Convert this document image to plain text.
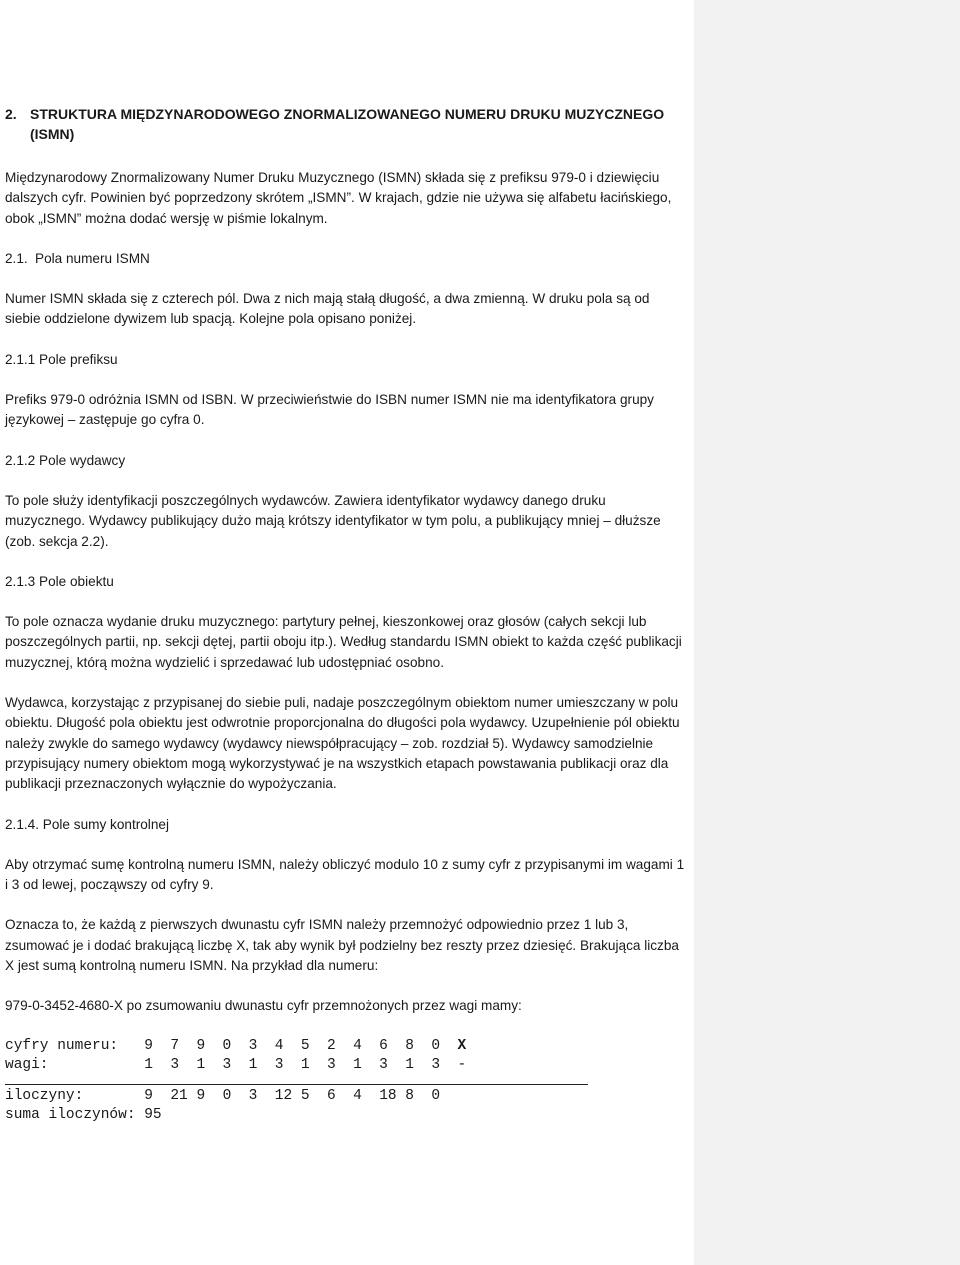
2. STRUKTURA MIĘDZYNARODOWEGO ZNORMALIZOWANEGO NUMERU DRUKU MUZYCZNEGO (ISMN)

Międzynarodowy Znormalizowany Numer Druku Muzycznego (ISMN) składa się z prefiksu 979-0 i dziewięciu dalszych cyfr. Powinien być poprzedzony skrótem „ISMN”. W krajach, gdzie nie używa się alfabetu łacińskiego, obok „ISMN” można dodać wersję w piśmie lokalnym.

2.1. Pola numeru ISMN

Numer ISMN składa się z czterech pól. Dwa z nich mają stałą długość, a dwa zmienną. W druku pola są od siebie oddzielone dywizem lub spacją. Kolejne pola opisano poniżej.

2.1.1 Pole prefiksu

Prefiks 979-0 odróżnia ISMN od ISBN. W przeciwieństwie do ISBN numer ISMN nie ma identyfikatora grupy językowej – zastępuje go cyfra 0.

2.1.2 Pole wydawcy

To pole służy identyfikacji poszczególnych wydawców. Zawiera identyfikator wydawcy danego druku muzycznego. Wydawcy publikujący dużo mają krótszy identyfikator w tym polu, a publikujący mniej – dłuższe (zob. sekcja 2.2).

2.1.3 Pole obiektu

To pole oznacza wydanie druku muzycznego: partytury pełnej, kieszonkowej oraz głosów (całych sekcji lub poszczególnych partii, np. sekcji dętej, partii oboju itp.). Według standardu ISMN obiekt to każda część publikacji muzycznej, którą można wydzielić i sprzedawać lub udostępniać osobno.

Wydawca, korzystając z przypisanej do siebie puli, nadaje poszczególnym obiektom numer umieszczany w polu obiektu. Długość pola obiektu jest odwrotnie proporcjonalna do długości pola wydawcy. Uzupełnienie pól obiektu należy zwykle do samego wydawcy (wydawcy niewspółpracujący – zob. rozdział 5). Wydawcy samodzielnie przypisujący numery obiektom mogą wykorzystywać je na wszystkich etapach powstawania publikacji oraz dla publikacji przeznaczonych wyłącznie do wypożyczania.

2.1.4. Pole sumy kontrolnej

Aby otrzymać sumę kontrolną numeru ISMN, należy obliczyć modulo 10 z sumy cyfr z przypisanymi im wagami 1 i 3 od lewej, począwszy od cyfry 9.

Oznacza to, że każdą z pierwszych dwunastu cyfr ISMN należy przemnożyć odpowiednio przez 1 lub 3, zsumować je i dodać brakującą liczbę X, tak aby wynik był podzielny bez reszty przez dziesięć. Brakująca liczba X jest sumą kontrolną numeru ISMN. Na przykład dla numeru:

979-0-3452-4680-X po zsumowaniu dwunastu cyfr przemnożonych przez wagi mamy:

cyfry numeru: 9  7  9  0  3  4  5  2  4  6  8  0 X
wagi:	1  3  1  3  1  3  1  3  1  3  1  3  -
iloczyny:	9  21 9  0  3  12 5  6  4  18 8  0
suma iloczynów: 95
